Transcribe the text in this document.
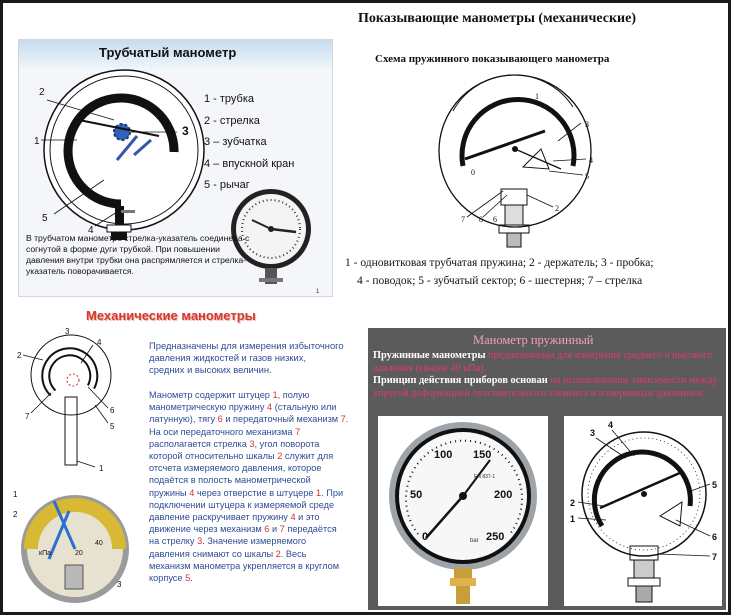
Показывающие манометры (механические)
Трубчатый манометр
2
1
3
5
4
1
1 - трубка
2 - стрелка
3 – зубчатка
4 – впускной кран
5 - рычаг
В трубчатом манометре стрелка-указатель соединена с согнутой в форме дуги трубкой. При повышении давления внутри трубки она распрямляется и стрелка-указатель поворачивается.
Схема пружинного показывающего манометра
0
1
3
4
5
2
7 8 6
1 - одновитковая трубчатая пружина; 2 - держатель; 3 - пробка;
4 - поводок; 5 - зубчатый сектор; 6 - шестерня; 7 – стрелка
Механические манометры
2
3
4
7
6
5
1
кПа	20
40
1
2
3
Предназначены для измерения избыточного давления жидкостей и газов низких, средних и высоких величин.
Манометр содержит штуцер 1, полую манометрическую пружину 4 (стальную или латунную), тягу 6 и передаточный механизм 7. На оси передаточного механизма 7 располагается стрелка 3, угол поворота которой относительно шкалы 2 служит для отсчета измеряемого давления, которое подаётся в полость манометрической пружины 4 через отверстие в штуцере 1. При подключении штуцера к измеряемой среде давление раскручивает пружину 4 и это движение через механизм 6 и 7 передаётся на стрелку 3. Значение измеряемого давления снимают со шкалы 2. Весь механизм манометра укрепляется в круглом корпусе 5.
Манометр пружинный
Пружинные манометры предназначены для измерения среднего и высокого давления (свыше 40 кПа).
Принцип действия приборов основан на использовании зависимости между упругой деформацией чувствительного элемента и измеряемым давлением.
100 150
50	200
0	250
EN 837-1
bar
3
4
2
1
5
6
7
